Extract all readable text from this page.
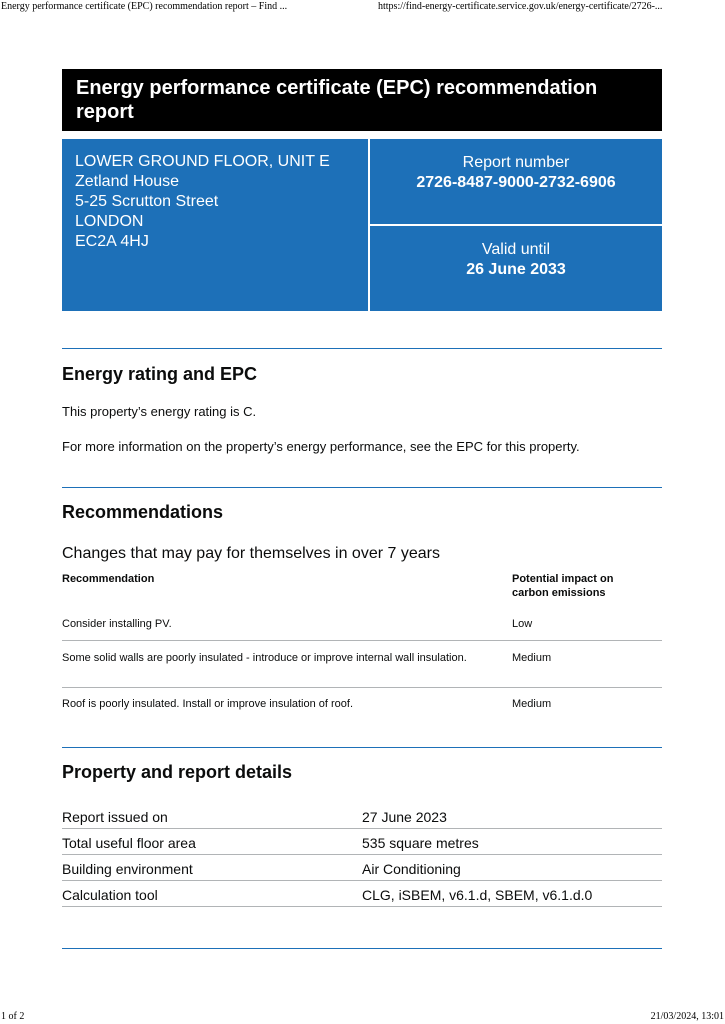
Energy performance certificate (EPC) recommendation report – Find ...	https://find-energy-certificate.service.gov.uk/energy-certificate/2726-...
Energy performance certificate (EPC) recommendation report
LOWER GROUND FLOOR, UNIT E
Zetland House
5-25 Scrutton Street
LONDON
EC2A 4HJ
Report number
2726-8487-9000-2732-6906
Valid until
26 June 2033
Energy rating and EPC

This property’s energy rating is C.

For more information on the property’s energy performance, see the EPC for this property.

Recommendations
Changes that may pay for themselves in over 7 years
Recommendation	Potential impact on carbon emissions
Consider installing PV.	Low
Some solid walls are poorly insulated - introduce or improve internal wall insulation.	Medium
Roof is poorly insulated. Install or improve insulation of roof.	Medium
Property and report details
Report issued on	27 June 2023
Total useful floor area	535 square metres
Building environment	Air Conditioning
Calculation tool	CLG, iSBEM, v6.1.d, SBEM, v6.1.d.0
1 of 2	21/03/2024, 13:01
